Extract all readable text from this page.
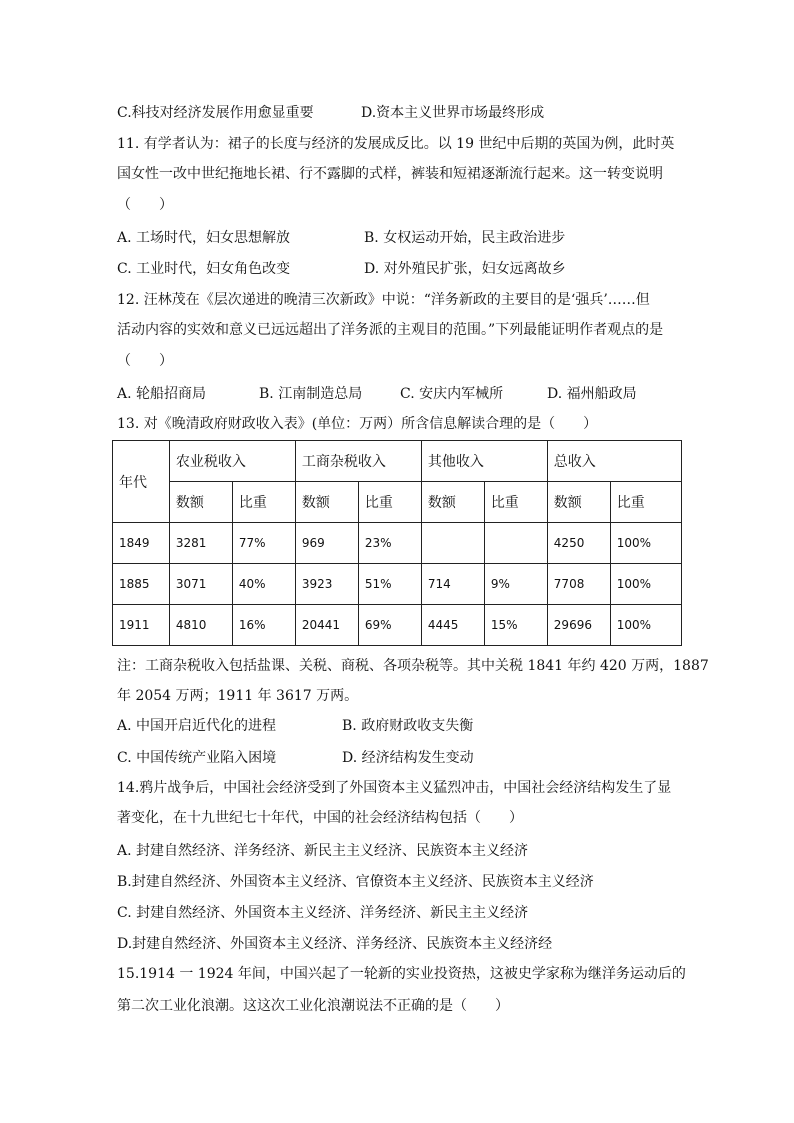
C.科技对经济发展作用愈显重要	D.资本主义世界市场最终形成
11. 有学者认为：裙子的长度与经济的发展成反比。以 19 世纪中后期的英国为例，此时英
国女性一改中世纪拖地长裙、行不露脚的式样，裤装和短裙逐渐流行起来。这一转变说明
（　　）
A. 工场时代，妇女思想解放	B. 女权运动开始，民主政治进步
C. 工业时代，妇女角色改变	D. 对外殖民扩张，妇女远离故乡
12. 汪林茂在《层次递进的晚清三次新政》中说：“洋务新政的主要目的是‘强兵’……但
活动内容的实效和意义已远远超出了洋务派的主观目的范围。”下列最能证明作者观点的是
（　　）
A. 轮船招商局	B. 江南制造总局	C. 安庆内军械所	D. 福州船政局
13. 对《晚清政府财政收入表》(单位：万两）所含信息解读合理的是（　　）
年代	农业税收入		工商杂税收入		其他收入		总收入	
	数额	比重	数额	比重	数额	比重	数额	比重
1849	3281	77%	969	23%			4250	100%
1885	3071	40%	3923	51%	714	9%	7708	100%
1911	4810	16%	20441	69%	4445	15%	29696	100%
注：工商杂税收入包括盐课、关税、商税、各项杂税等。其中关税 1841 年约 420 万两，1887
年 2054 万两；1911 年 3617 万两。
A. 中国开启近代化的进程	B. 政府财政收支失衡
C. 中国传统产业陷入困境	D. 经济结构发生变动
14.鸦片战争后，中国社会经济受到了外国资本主义猛烈冲击，中国社会经济结构发生了显
著变化，在十九世纪七十年代，中国的社会经济结构包括（　　）
A. 封建自然经济、洋务经济、新民主主义经济、民族资本主义经济
B.封建自然经济、外国资本主义经济、官僚资本主义经济、民族资本主义经济
C. 封建自然经济、外国资本主义经济、洋务经济、新民主主义经济
D.封建自然经济、外国资本主义经济、洋务经济、民族资本主义经济经
15.1914 一 1924 年间，中国兴起了一轮新的实业投资热，这被史学家称为继洋务运动后的
第二次工业化浪潮。这这次工业化浪潮说法不正确的是（　　）
